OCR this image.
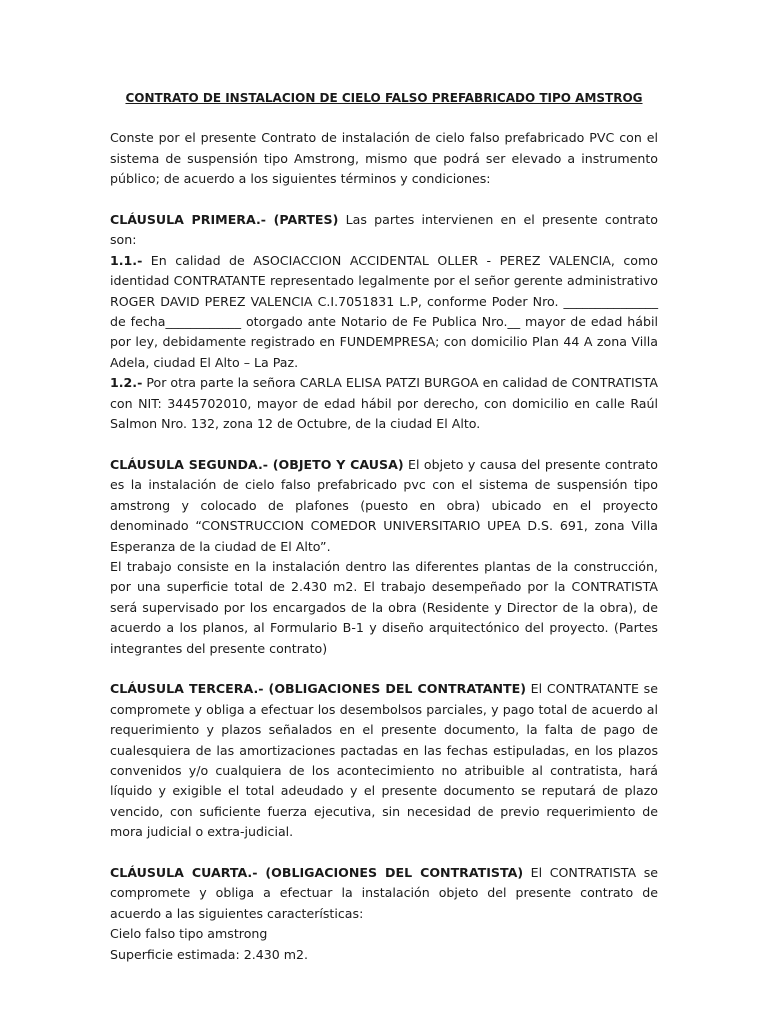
CONTRATO DE INSTALACION DE CIELO FALSO PREFABRICADO TIPO AMSTROG

Conste por el presente Contrato de instalación de cielo falso prefabricado PVC con el sistema de suspensión tipo Amstrong, mismo que podrá ser elevado a instrumento público; de acuerdo a los siguientes términos y condiciones:

CLÁUSULA PRIMERA.- (PARTES) Las partes intervienen en el presente contrato son:

1.1.- En calidad de ASOCIACCION ACCIDENTAL OLLER - PEREZ VALENCIA, como identidad CONTRATANTE representado legalmente por el señor gerente administrativo ROGER DAVID PEREZ VALENCIA C.I.7051831 L.P, conforme Poder Nro. _______________ de fecha____________ otorgado ante Notario de Fe Publica Nro.__ mayor de edad hábil por ley, debidamente registrado en FUNDEMPRESA; con domicilio Plan 44 A zona Villa Adela, ciudad El Alto – La Paz.

1.2.- Por otra parte la señora CARLA ELISA PATZI BURGOA en calidad de CONTRATISTA con NIT: 3445702010, mayor de edad hábil por derecho, con domicilio en calle Raúl Salmon Nro. 132, zona 12 de Octubre, de la ciudad El Alto.

CLÁUSULA SEGUNDA.- (OBJETO Y CAUSA) El objeto y causa del presente contrato es la instalación de cielo falso prefabricado pvc con el sistema de suspensión tipo amstrong y colocado de plafones (puesto en obra) ubicado en el proyecto denominado “CONSTRUCCION COMEDOR UNIVERSITARIO UPEA D.S. 691, zona Villa Esperanza de la ciudad de El Alto”.

El trabajo consiste en la instalación dentro las diferentes plantas de la construcción, por una superficie total de 2.430 m2. El trabajo desempeñado por la CONTRATISTA será supervisado por los encargados de la obra (Residente y Director de la obra), de acuerdo a los planos, al Formulario B-1 y diseño arquitectónico del proyecto. (Partes integrantes del presente contrato)

CLÁUSULA TERCERA.- (OBLIGACIONES DEL CONTRATANTE) El CONTRATANTE se compromete y obliga a efectuar los desembolsos parciales, y pago total de acuerdo al requerimiento y plazos señalados en el presente documento, la falta de pago de cualesquiera de las amortizaciones pactadas en las fechas estipuladas, en los plazos convenidos y/o cualquiera de los acontecimiento no atribuible al contratista, hará líquido y exigible el total adeudado y el presente documento se reputará de plazo vencido, con suficiente fuerza ejecutiva, sin necesidad de previo requerimiento de mora judicial o extra-judicial.

CLÁUSULA CUARTA.- (OBLIGACIONES DEL CONTRATISTA) El CONTRATISTA se compromete y obliga a efectuar la instalación objeto del presente contrato de acuerdo a las siguientes características:

Cielo falso tipo amstrong

Superficie estimada: 2.430 m2.
